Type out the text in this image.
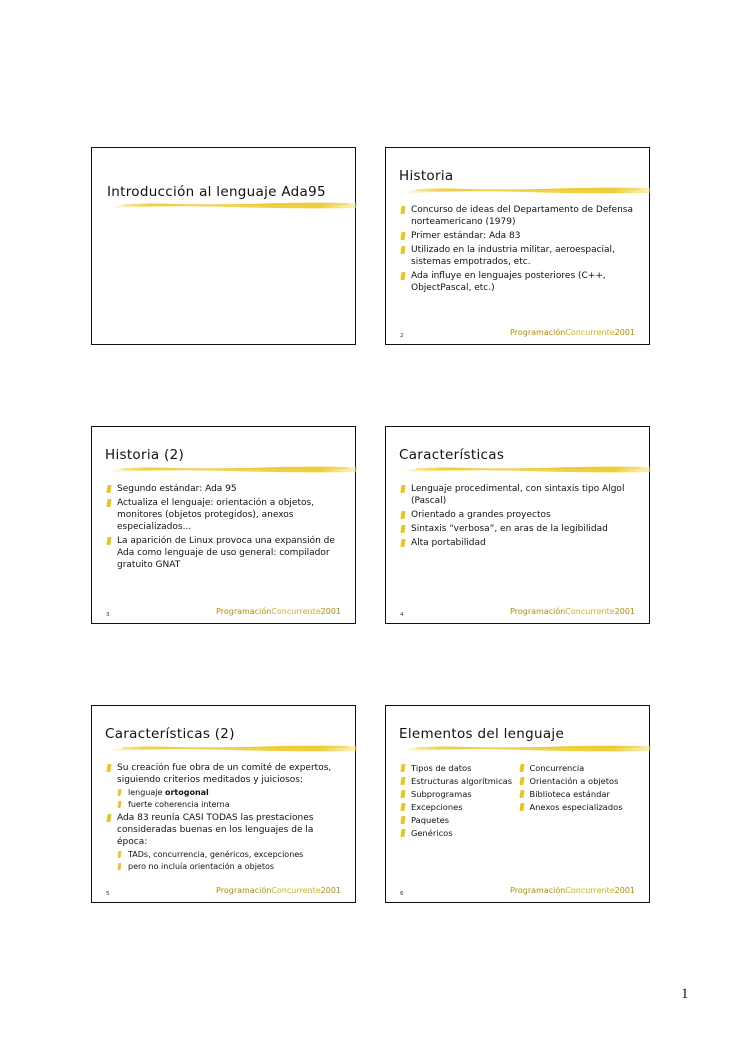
Introducción al lenguaje Ada95
Historia
Concurso de ideas del Departamento de Defensa norteamericano (1979)
Primer estándar: Ada 83
Utilizado en la industria militar, aeroespacial, sistemas empotrados, etc.
Ada influye en lenguajes posteriores (C++, ObjectPascal, etc.)
2	ProgramaciónConcurrente2001
Historia (2)
Segundo estándar: Ada 95
Actualiza el lenguaje: orientación a objetos, monitores (objetos protegidos), anexos especializados...
La aparición de Linux provoca una expansión de Ada como lenguaje de uso general: compilador gratuito GNAT
3	ProgramaciónConcurrente2001
Características
Lenguaje procedimental, con sintaxis tipo Algol (Pascal)
Orientado a grandes proyectos
Sintaxis “verbosa”, en aras de la legibilidad
Alta portabilidad
4	ProgramaciónConcurrente2001
Características (2)
Su creación fue obra de un comité de expertos, siguiendo criterios meditados y juiciosos:
lenguaje ortogonal
fuerte coherencia interna
Ada 83 reunía CASI TODAS las prestaciones consideradas buenas en los lenguajes de la época:
TADs, concurrencia, genéricos, excepciones
pero no incluía orientación a objetos
5	ProgramaciónConcurrente2001
Elementos del lenguaje
Tipos de datos
Estructuras algorítmicas
Subprogramas
Excepciones
Paquetes
Genéricos
Concurrencia
Orientación a objetos
Biblioteca estándar
Anexos especializados
6	ProgramaciónConcurrente2001
1
